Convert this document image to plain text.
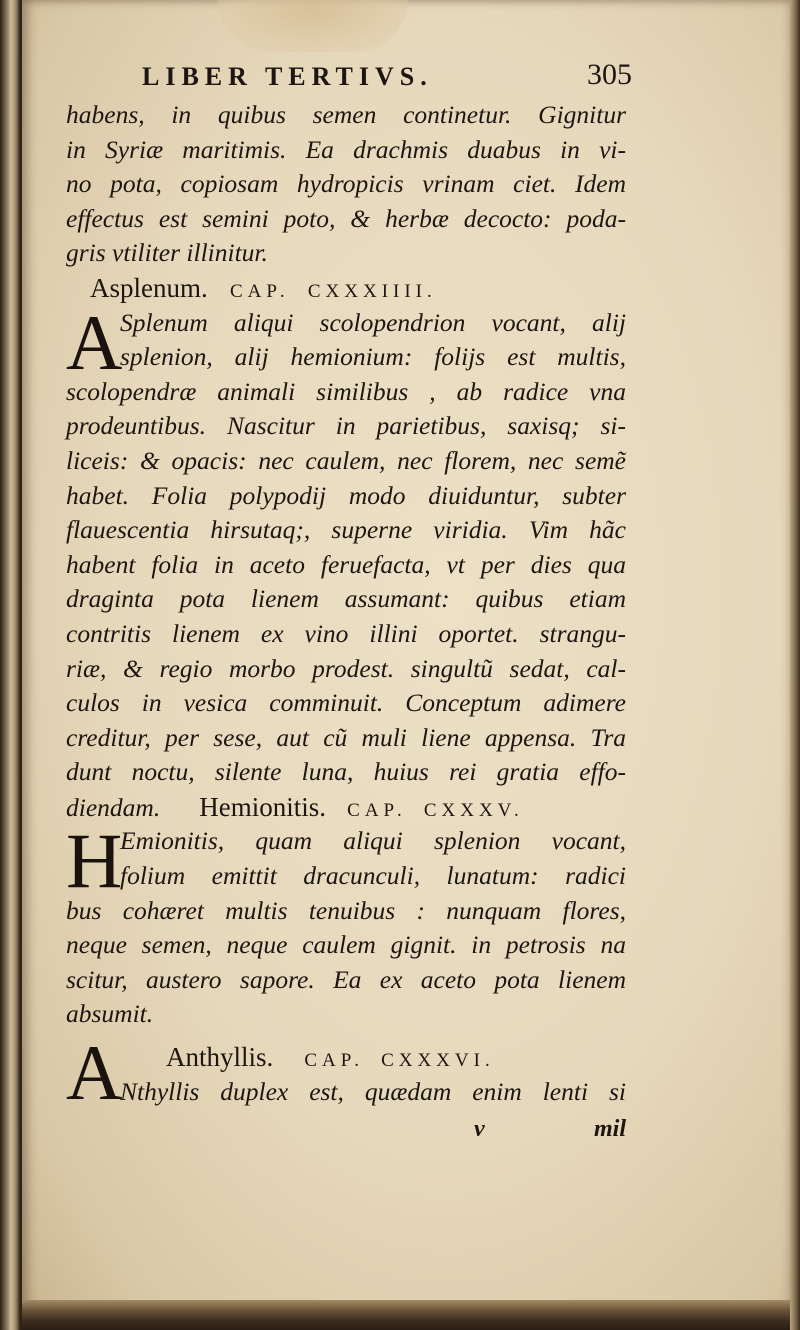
LIBER TERTIVS.	305
habens, in quibus semen continetur. Gignitur
in Syriæ maritimis. Ea drachmis duabus in vi-
no pota, copiosam hydropicis vrinam ciet. Idem
effectus est semini poto, & herbæ decocto: poda-
gris vtiliter illinitur.
Asplenum. CAP. CXXXIIII.
A
Splenum aliqui scolopendrion vocant, alij
splenion, alij hemionium: folijs est multis,
scolopendræ animali similibus , ab radice vna
prodeuntibus. Nascitur in parietibus, saxisq; si-
liceis: & opacis: nec caulem, nec florem, nec semẽ
habet. Folia polypodij modo diuiduntur, subter
flauescentia hirsutaq;, superne viridia. Vim hãc
habent folia in aceto feruefacta, vt per dies qua
draginta pota lienem assumant: quibus etiam
contritis lienem ex vino illini oportet. strangu-
riæ, & regio morbo prodest. singultũ sedat, cal-
culos in vesica comminuit. Conceptum adimere
creditur, per sese, aut cũ muli liene appensa. Tra
dunt noctu, silente luna, huius rei gratia effo-
diendam. Hemionitis. CAP. CXXXV.
H
Emionitis, quam aliqui splenion vocant,
folium emittit dracunculi, lunatum: radici
bus cohæret multis tenuibus : nunquam flores,
neque semen, neque caulem gignit. in petrosis na
scitur, austero sapore. Ea ex aceto pota lienem
absumit.
A Anthyllis. CAP. CXXXVI.
Nthyllis duplex est, quædam enim lenti si
v	mil
